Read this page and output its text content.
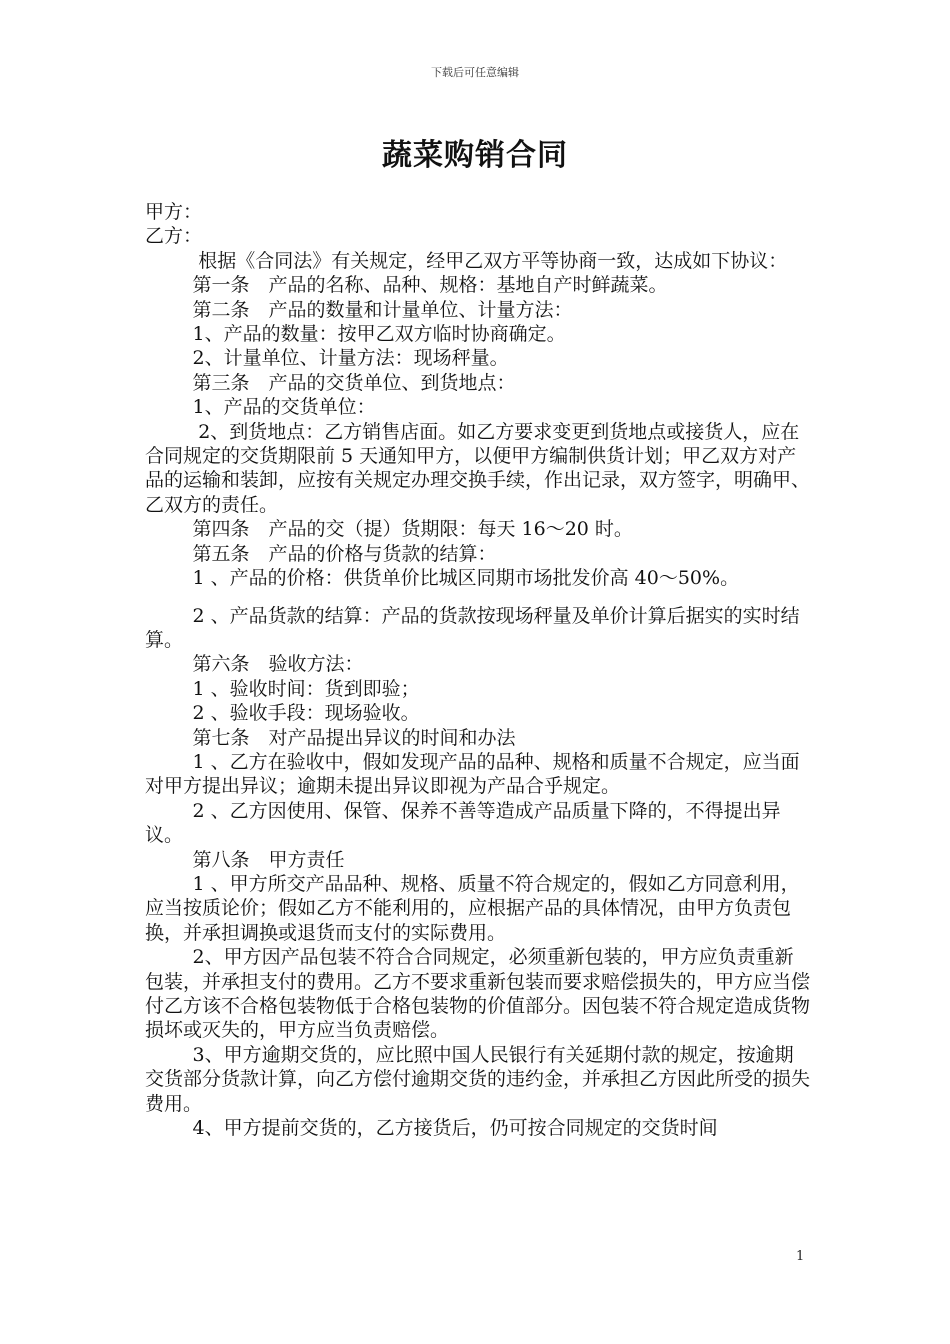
下载后可任意编辑
蔬菜购销合同

甲方：

乙方：

根据《合同法》有关规定，经甲乙双方平等协商一致，达成如下协议：

第一条　产品的名称、品种、规格：基地自产时鲜蔬菜。

第二条　产品的数量和计量单位、计量方法：

1、产品的数量：按甲乙双方临时协商确定。

2、计量单位、计量方法：现场秤量。

第三条　产品的交货单位、到货地点：

1、产品的交货单位：

2、到货地点：乙方销售店面。如乙方要求变更到货地点或接货人，应在合同规定的交货期限前 5 天通知甲方，以便甲方编制供货计划；甲乙双方对产品的运输和装卸，应按有关规定办理交换手续，作出记录，双方签字，明确甲、乙双方的责任。

第四条　产品的交（提）货期限：每天 16～20 时。

第五条　产品的价格与货款的结算：

1 、产品的价格：供货单价比城区同期市场批发价高 40～50%。

2 、产品货款的结算：产品的货款按现场秤量及单价计算后据实的实时结算。

第六条　验收方法：

1 、验收时间：货到即验；

2 、验收手段：现场验收。

第七条　对产品提出异议的时间和办法

1 、乙方在验收中，假如发现产品的品种、规格和质量不合规定，应当面对甲方提出异议；逾期未提出异议即视为产品合乎规定。

2 、乙方因使用、保管、保养不善等造成产品质量下降的，不得提出异议。

第八条　甲方责任

1 、甲方所交产品品种、规格、质量不符合规定的，假如乙方同意利用，应当按质论价；假如乙方不能利用的，应根据产品的具体情况，由甲方负责包换，并承担调换或退货而支付的实际费用。

2、甲方因产品包装不符合合同规定，必须重新包装的，甲方应负责重新包装，并承担支付的费用。乙方不要求重新包装而要求赔偿损失的，甲方应当偿付乙方该不合格包装物低于合格包装物的价值部分。因包装不符合规定造成货物损坏或灭失的，甲方应当负责赔偿。

3、甲方逾期交货的，应比照中国人民银行有关延期付款的规定，按逾期交货部分货款计算，向乙方偿付逾期交货的违约金，并承担乙方因此所受的损失费用。

4、甲方提前交货的，乙方接货后，仍可按合同规定的交货时间

1
